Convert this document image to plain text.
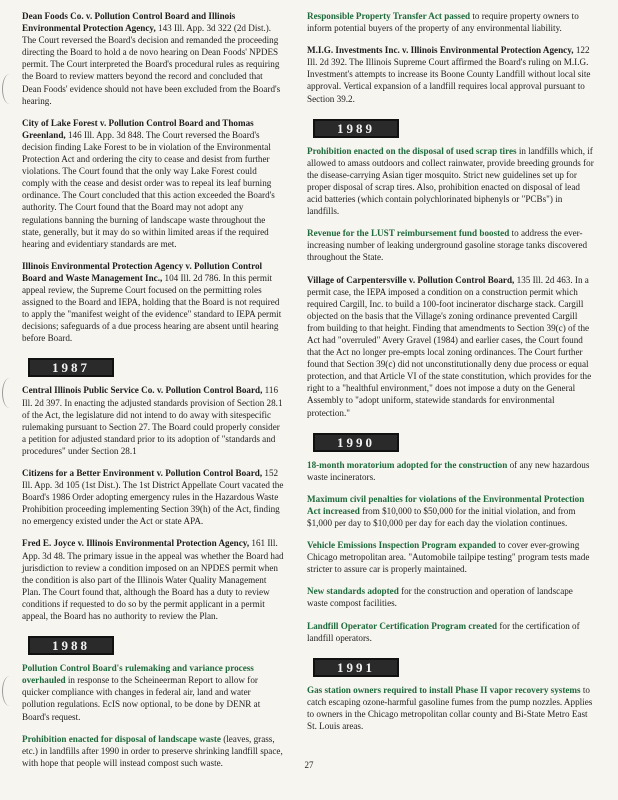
Dean Foods Co. v. Pollution Control Board and Illinois Environmental Protection Agency, 143 Ill. App. 3d 322 (2d Dist.). The Court reversed the Board's decision and remanded the proceeding directing the Board to hold a de novo hearing on Dean Foods' NPDES permit. The Court interpreted the Board's procedural rules as requiring the Board to review matters beyond the record and concluded that Dean Foods' evidence should not have been excluded from the Board's hearing.

City of Lake Forest v. Pollution Control Board and Thomas Greenland, 146 Ill. App. 3d 848. The Court reversed the Board's decision finding Lake Forest to be in violation of the Environmental Protection Act and ordering the city to cease and desist from further violations. The Court found that the only way Lake Forest could comply with the cease and desist order was to repeal its leaf burning ordinance. The Court concluded that this action exceeded the Board's authority. The Court found that the Board may not adopt any regulations banning the burning of landscape waste throughout the state, generally, but it may do so within limited areas if the required hearing and evidentiary standards are met.

Illinois Environmental Protection Agency v. Pollution Control Board and Waste Management Inc., 104 Ill. 2d 786. In this permit appeal review, the Supreme Court focused on the permitting roles assigned to the Board and IEPA, holding that the Board is not required to apply the "manifest weight of the evidence" standard to IEPA permit decisions; safeguards of a due process hearing are absent until hearing before Board.

1987

Central Illinois Public Service Co. v. Pollution Control Board, 116 Ill. 2d 397. In enacting the adjusted standards provision of Section 28.1 of the Act, the legislature did not intend to do away with sitespecific rulemaking pursuant to Section 27. The Board could properly consider a petition for adjusted standard prior to its adoption of "standards and procedures" under Section 28.1

Citizens for a Better Environment v. Pollution Control Board, 152 Ill. App. 3d 105 (1st Dist.). The 1st District Appellate Court vacated the Board's 1986 Order adopting emergency rules in the Hazardous Waste Prohibition proceeding implementing Section 39(h) of the Act, finding no emergency existed under the Act or state APA.

Fred E. Joyce v. Illinois Environmental Protection Agency, 161 Ill. App. 3d 48. The primary issue in the appeal was whether the Board had jurisdiction to review a condition imposed on an NPDES permit when the condition is also part of the Illinois Water Quality Management Plan. The Court found that, although the Board has a duty to review conditions if requested to do so by the permit applicant in a permit appeal, the Board has no authority to review the Plan.

1988

Pollution Control Board's rulemaking and variance process overhauled in response to the Scheineerman Report to allow for quicker compliance with changes in federal air, land and water pollution regulations. EcIS now optional, to be done by DENR at Board's request.

Prohibition enacted for disposal of landscape waste (leaves, grass, etc.) in landfills after 1990 in order to preserve shrinking landfill space, with hope that people will instead compost such waste.

Responsible Property Transfer Act passed to require property owners to inform potential buyers of the property of any environmental liability.

M.I.G. Investments Inc. v. Illinois Environmental Protection Agency, 122 Ill. 2d 392. The Illinois Supreme Court affirmed the Board's ruling on M.I.G. Investment's attempts to increase its Boone County Landfill without local site approval. Vertical expansion of a landfill requires local approval pursuant to Section 39.2.

1989

Prohibition enacted on the disposal of used scrap tires in landfills which, if allowed to amass outdoors and collect rainwater, provide breeding grounds for the disease-carrying Asian tiger mosquito. Strict new guidelines set up for proper disposal of scrap tires. Also, prohibition enacted on disposal of lead acid batteries (which contain polychlorinated biphenyls or "PCBs") in landfills.

Revenue for the LUST reimbursement fund boosted to address the ever-increasing number of leaking underground gasoline storage tanks discovered throughout the State.

Village of Carpentersville v. Pollution Control Board, 135 Ill. 2d 463. In a permit case, the IEPA imposed a condition on a construction permit which required Cargill, Inc. to build a 100-foot incinerator discharge stack. Cargill objected on the basis that the Village's zoning ordinance prevented Cargill from building to that height. Finding that amendments to Section 39(c) of the Act had "overruled" Avery Gravel (1984) and earlier cases, the Court found that the Act no longer pre-empts local zoning ordinances. The Court further found that Section 39(c) did not unconstitutionally deny due process or equal protection, and that Article VI of the state constitution, which provides for the right to a "healthful environment," does not impose a duty on the General Assembly to "adopt uniform, statewide standards for environmental protection."

1990

18-month moratorium adopted for the construction of any new hazardous waste incinerators.

Maximum civil penalties for violations of the Environmental Protection Act increased from $10,000 to $50,000 for the initial violation, and from $1,000 per day to $10,000 per day for each day the violation continues.

Vehicle Emissions Inspection Program expanded to cover ever-growing Chicago metropolitan area. "Automobile tailpipe testing" program tests made stricter to assure car is properly maintained.

New standards adopted for the construction and operation of landscape waste compost facilities.

Landfill Operator Certification Program created for the certification of landfill operators.

1991

Gas station owners required to install Phase II vapor recovery systems to catch escaping ozone-harmful gasoline fumes from the pump nozzles. Applies to owners in the Chicago metropolitan collar county and Bi-State Metro East St. Louis areas.

27
